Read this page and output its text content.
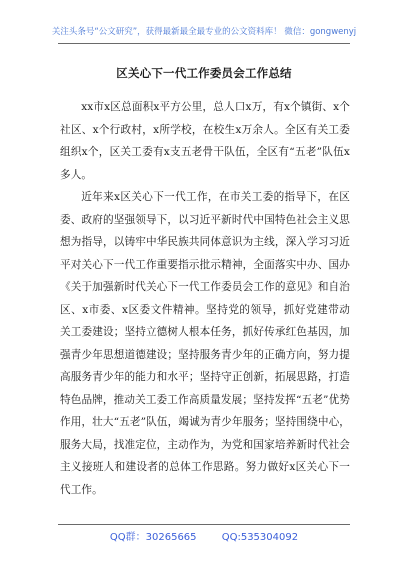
关注头条号“公文研究”，获得最新最全最专业的公文资料库！ 微信：gongwenyj
区关心下一代工作委员会工作总结

xx市x区总面积x平方公里，总人口x万，有x个镇街、x个社区、x个行政村，x所学校，在校生x万余人。全区有关工委组织x个，区关工委有x支五老骨干队伍，全区有“五老”队伍x多人。

近年来x区关心下一代工作，在市关工委的指导下，在区委、政府的坚强领导下，以习近平新时代中国特色社会主义思想为指导，以铸牢中华民族共同体意识为主线，深入学习习近平对关心下一代工作重要指示批示精神，全面落实中办、国办《关于加强新时代关心下一代工作委员会工作的意见》和自治区、x市委、x区委文件精神。坚持党的领导，抓好党建带动关工委建设；坚持立德树人根本任务，抓好传承红色基因，加强青少年思想道德建设；坚持服务青少年的正确方向，努力提高服务青少年的能力和水平；坚持守正创新，拓展思路，打造特色品牌，推动关工委工作高质量发展；坚持发挥“五老”优势作用，壮大“五老”队伍，竭诚为青少年服务；坚持围绕中心，服务大局，找准定位，主动作为，为党和国家培养新时代社会主义接班人和建设者的总体工作思路。努力做好x区关心下一代工作。

QQ群：30265665	QQ:535304092
